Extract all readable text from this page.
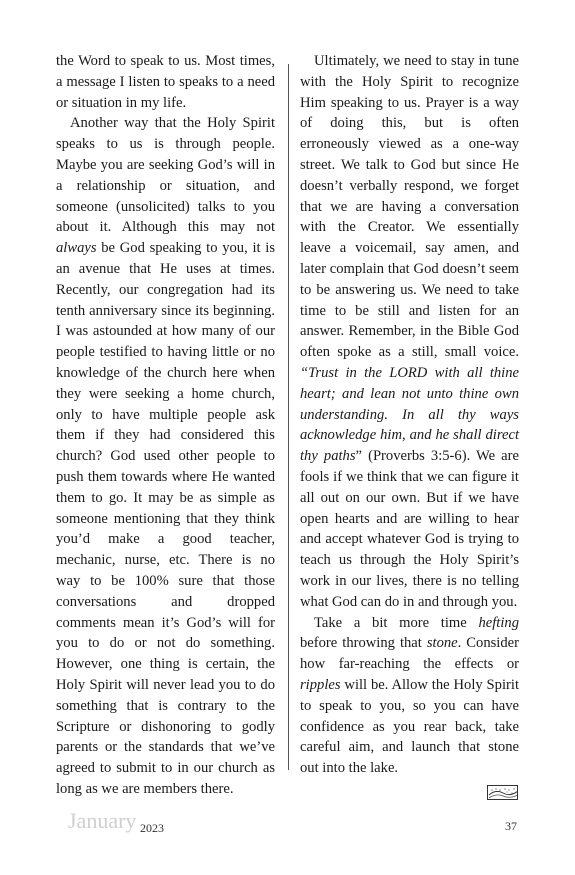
the Word to speak to us. Most times, a message I listen to speaks to a need or situation in my life.

Another way that the Holy Spirit speaks to us is through people. Maybe you are seeking God’s will in a relationship or situation, and someone (unsolicited) talks to you about it. Although this may not always be God speaking to you, it is an avenue that He uses at times. Recently, our congregation had its tenth anniversary since its beginning. I was astounded at how many of our people testified to having little or no knowledge of the church here when they were seeking a home church, only to have multiple people ask them if they had considered this church? God used other people to push them towards where He wanted them to go. It may be as simple as someone mentioning that they think you’d make a good teacher, mechanic, nurse, etc. There is no way to be 100% sure that those conversations and dropped comments mean it’s God’s will for you to do or not do something. However, one thing is certain, the Holy Spirit will never lead you to do something that is contrary to the Scripture or dishonoring to godly parents or the standards that we’ve agreed to submit to in our church as long as we are members there.

Ultimately, we need to stay in tune with the Holy Spirit to recognize Him speaking to us. Prayer is a way of doing this, but is often erroneously viewed as a one-way street. We talk to God but since He doesn’t verbally respond, we forget that we are having a conversation with the Creator. We essentially leave a voicemail, say amen, and later complain that God doesn’t seem to be answering us. We need to take time to be still and listen for an answer. Remember, in the Bible God often spoke as a still, small voice. “Trust in the LORD with all thine heart; and lean not unto thine own understanding. In all thy ways acknowledge him, and he shall direct thy paths” (Proverbs 3:5-6). We are fools if we think that we can figure it all out on our own. But if we have open hearts and are willing to hear and accept whatever God is trying to teach us through the Holy Spirit’s work in our lives, there is no telling what God can do in and through you.

Take a bit more time hefting before throwing that stone. Consider how far-reaching the effects or ripples will be. Allow the Holy Spirit to speak to you, so you can have confidence as you rear back, take careful aim, and launch that stone out into the lake.

January 2023	37
